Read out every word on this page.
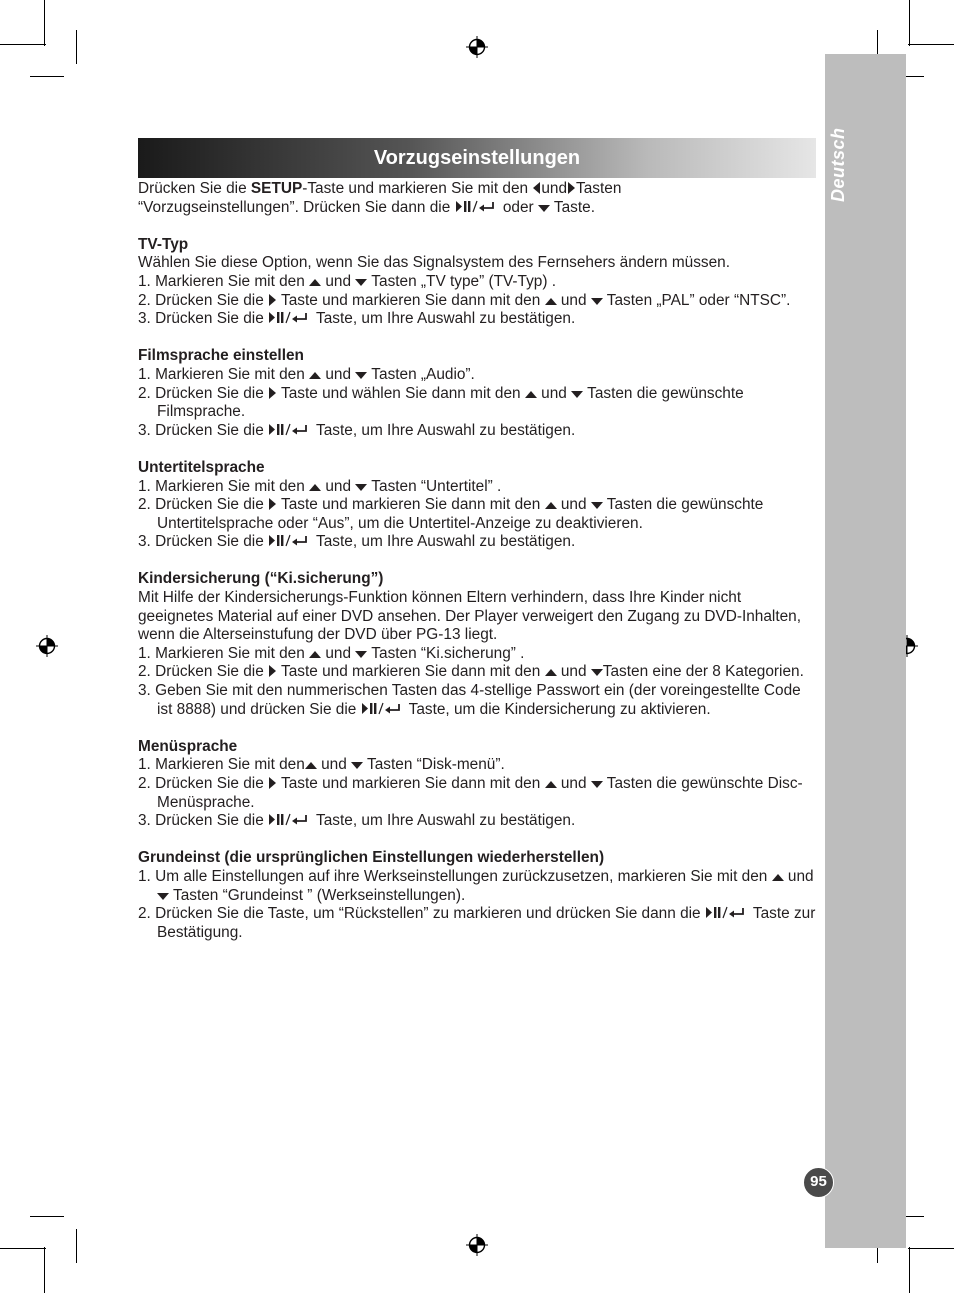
Deutsch
95
Vorzugseinstellungen

Drücken Sie die SETUP-Taste und markieren Sie mit den und Tasten
“Vorzugseinstellungen”. Drücken Sie dann die	oder  Taste.

TV-Typ

Wählen Sie diese Option, wenn Sie das Signalsystem des Fernsehers ändern müssen.

1. Markieren Sie mit den  und  Tasten „TV type” (TV-Typ) .

2. Drücken Sie die  Taste und markieren Sie dann mit den  und  Tasten „PAL” oder “NTSC”.

3. Drücken Sie die	Taste, um Ihre Auswahl zu bestätigen.

Filmsprache einstellen

1. Markieren Sie mit den  und  Tasten „Audio”.

2. Drücken Sie die  Taste und wählen Sie dann mit den  und  Tasten die gewünschte Filmsprache.

3. Drücken Sie die	Taste, um Ihre Auswahl zu bestätigen.

Untertitelsprache

1. Markieren Sie mit den  und  Tasten “Untertitel” .

2. Drücken Sie die  Taste und markieren Sie dann mit den  und  Tasten die gewünschte Untertitelsprache oder “Aus”, um die Untertitel-Anzeige zu deaktivieren.

3. Drücken Sie die	Taste, um Ihre Auswahl zu bestätigen.

Kindersicherung (“Ki.sicherung”)

Mit Hilfe der Kindersicherungs-Funktion können Eltern verhindern, dass Ihre Kinder nicht geeignetes Material auf einer DVD ansehen. Der Player verweigert den Zugang zu DVD-Inhalten, wenn die Alterseinstufung der DVD über PG-13 liegt.

1. Markieren Sie mit den  und  Tasten “Ki.sicherung” .

2. Drücken Sie die  Taste und markieren Sie dann mit den  und Tasten eine der 8 Kategorien.

3. Geben Sie mit den nummerischen Tasten das 4-stellige Passwort ein (der voreingestellte Code ist 8888) und drücken Sie die	Taste, um die Kindersicherung zu aktivieren.

Menüsprache

1. Markieren Sie mit den und  Tasten “Disk-menü”.

2. Drücken Sie die  Taste und markieren Sie dann mit den  und  Tasten die gewünschte Disc-Menüsprache.

3. Drücken Sie die	Taste, um Ihre Auswahl zu bestätigen.

Grundeinst (die ursprünglichen Einstellungen wiederherstellen)

1. Um alle Einstellungen auf ihre Werkseinstellungen zurückzusetzen, markieren Sie mit den  und  Tasten “Grundeinst ” (Werkseinstellungen).

2. Drücken Sie die Taste, um “Rückstellen” zu markieren und drücken Sie dann die	Taste zur Bestätigung.
